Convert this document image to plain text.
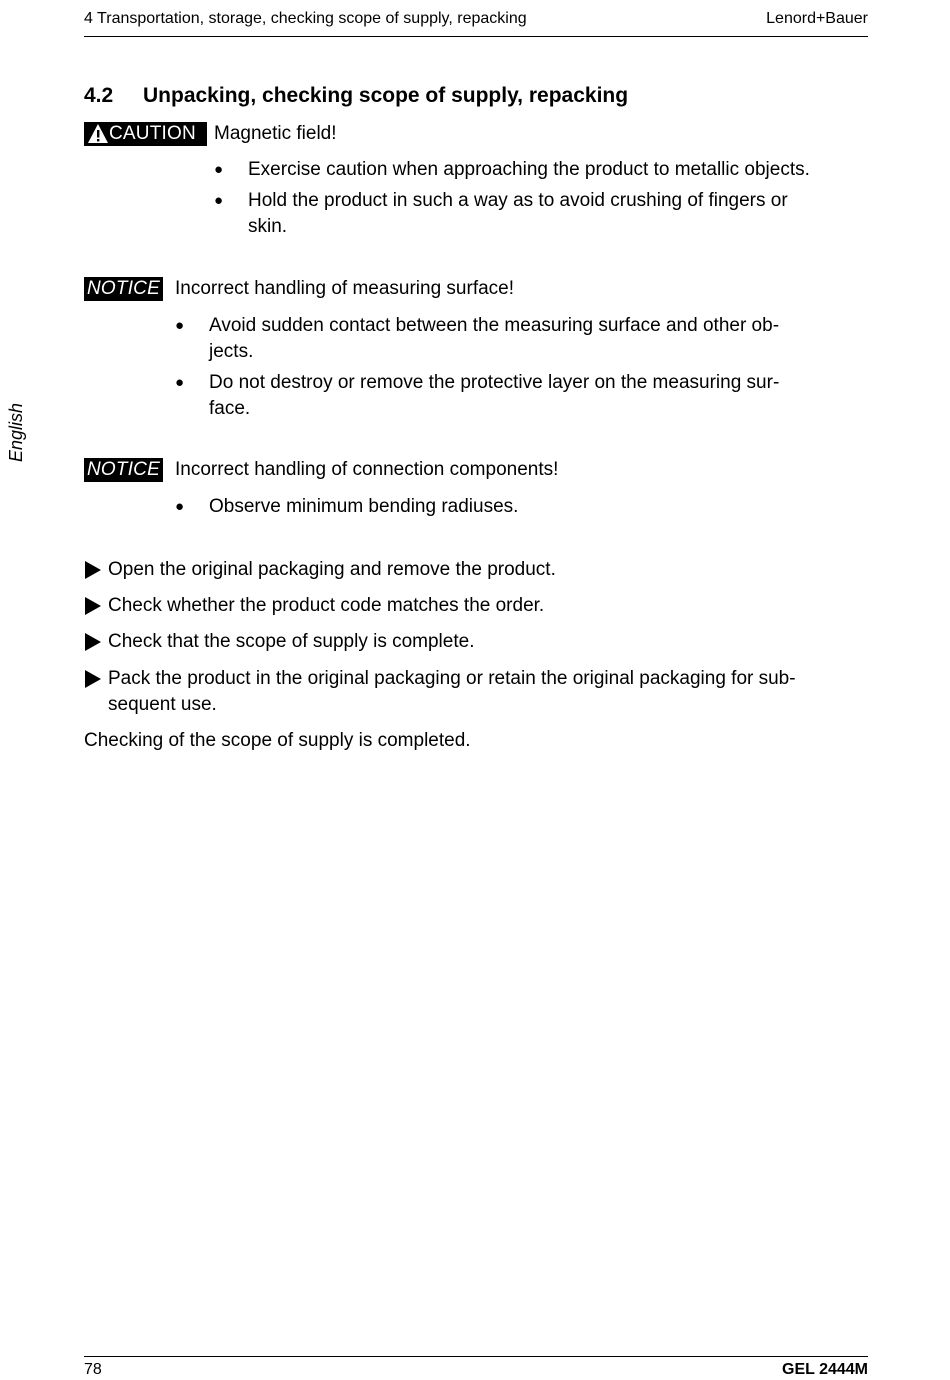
4 Transportation, storage, checking scope of supply, repacking	Lenord+Bauer
4.2 Unpacking, checking scope of supply, repacking
CAUTION Magnetic field!
● Exercise caution when approaching the product to metallic objects.
● Hold the product in such a way as to avoid crushing of fingers or
skin.
NOTICE Incorrect handling of measuring surface!
● Avoid sudden contact between the measuring surface and other ob-
jects.
● Do not destroy or remove the protective layer on the measuring sur-
face.
NOTICE Incorrect handling of connection components!
● Observe minimum bending radiuses.
Open the original packaging and remove the product.
Check whether the product code matches the order.
Check that the scope of supply is complete.
Pack the product in the original packaging or retain the original packaging for sub-
sequent use.
Checking of the scope of supply is completed.
English
78	GEL 2444M
